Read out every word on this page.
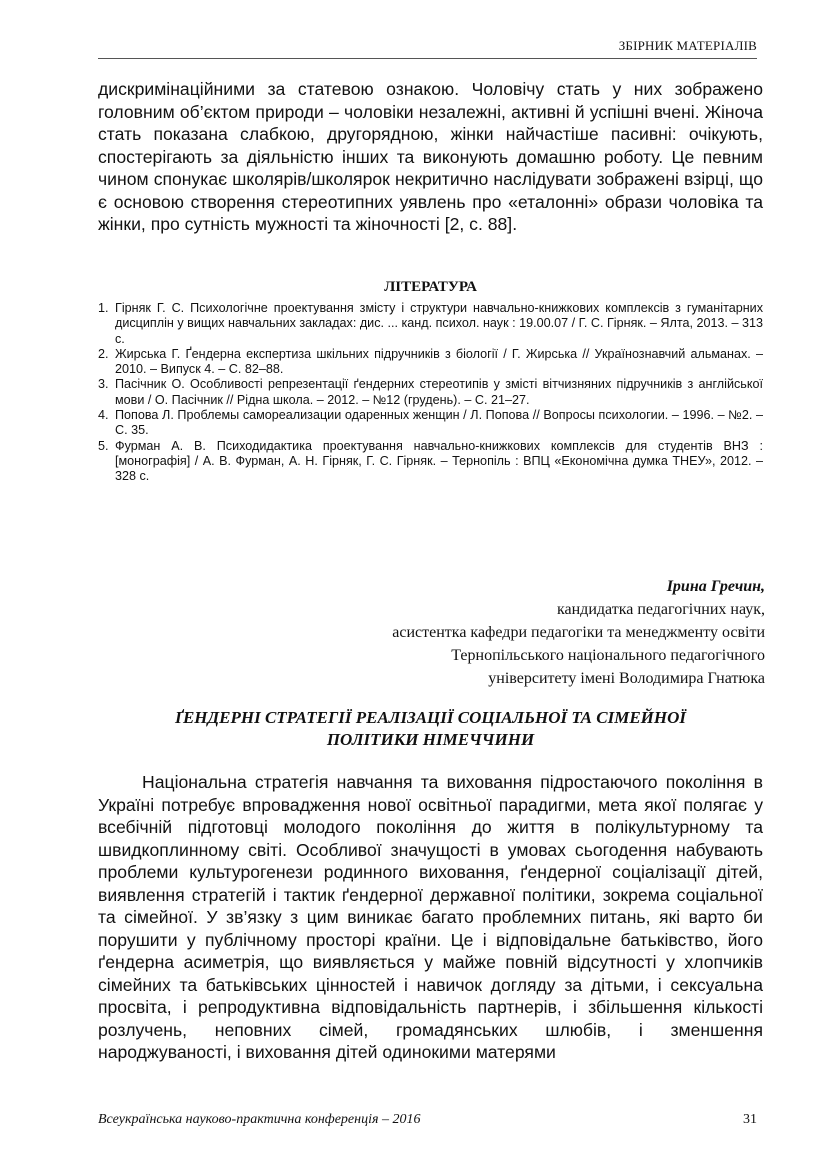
ЗБІРНИК МАТЕРІАЛІВ

дискримінаційними за статевою ознакою. Чоловічу стать у них зображено головним об’єктом природи – чоловіки незалежні, активні й успішні вчені. Жіноча стать показана слабкою, другорядною, жінки найчастіше пасивні: очікують, спостерігають за діяльністю інших та виконують домашню роботу. Це певним чином спонукає школярів/школярок некритично наслідувати зображені взірці, що є основою створення стереотипних уявлень про «еталонні» образи чоловіка та жінки, про сутність мужності та жіночності [2, с. 88].

ЛІТЕРАТУРА
1. Гірняк Г. С. Психологічне проектування змісту і структури навчально-книжкових комплексів з гуманітарних дисциплін у вищих навчальних закладах: дис. ... канд. психол. наук : 19.00.07 / Г. С. Гірняк. – Ялта, 2013. – 313 с.
2. Жирська Г. Ґендерна експертиза шкільних підручників з біології / Г. Жирська // Українознавчий альманах. – 2010. – Випуск 4. – С. 82–88.
3. Пасічник О. Особливості репрезентації ґендерних стереотипів у змісті вітчизняних підручників з англійської мови / О. Пасічник // Рідна школа. – 2012. – №12 (грудень). – С. 21–27.
4. Попова Л. Проблемы самореализации одаренных женщин / Л. Попова // Вопросы психологии. – 1996. – №2. – С. 35.
5. Фурман А. В. Психодидактика проектування навчально-книжкових комплексів для студентів ВНЗ : [монографія] / А. В. Фурман, А. Н. Гірняк, Г. С. Гірняк. – Тернопіль : ВПЦ «Економічна думка ТНЕУ», 2012. – 328 с.
Ірина Гречин,
кандидатка педагогічних наук,
асистентка кафедри педагогіки та менеджменту освіти
Тернопільського національного педагогічного
університету імені Володимира Гнатюка
ҐЕНДЕРНІ СТРАТЕГІЇ РЕАЛІЗАЦІЇ СОЦІАЛЬНОЇ ТА СІМЕЙНОЇ
ПОЛІТИКИ НІМЕЧЧИНИ

Національна стратегія навчання та виховання підростаючого покоління в Україні потребує впровадження нової освітньої парадигми, мета якої полягає у всебічній підготовці молодого покоління до життя в полікультурному та швидкоплинному світі. Особливої значущості в умовах сьогодення набувають проблеми культурогенези родинного виховання, ґендерної соціалізації дітей, виявлення стратегій і тактик ґендерної державної політики, зокрема соціальної та сімейної. У зв’язку з цим виникає багато проблемних питань, які варто би порушити у публічному просторі країни. Це і відповідальне батьківство, його ґендерна асиметрія, що виявляється у майже повній відсутності у хлопчиків сімейних та батьківських цінностей і навичок догляду за дітьми, і сексуальна просвіта, і репродуктивна відповідальність партнерів, і збільшення кількості розлучень, неповних сімей, громадянських шлюбів, і зменшення народжуваності, і виховання дітей одинокими матерями

Всеукраїнська науково-практична конференція – 2016	31
